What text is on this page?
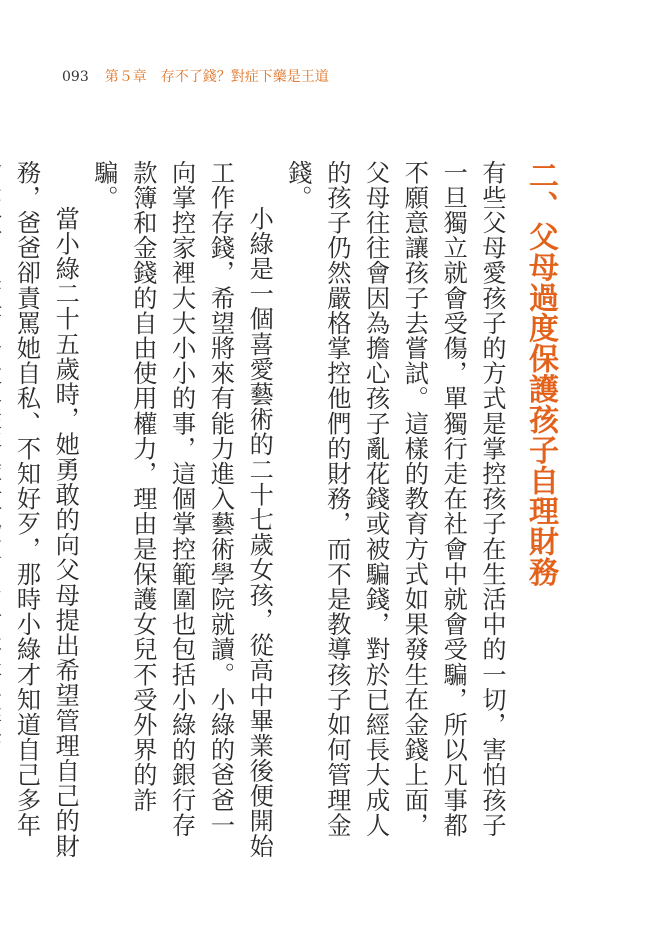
093 第５章　存不了錢？對症下藥是王道
二、父母過度保護孩子自理財務

有些父母愛孩子的方式是掌控孩子在生活中的一切，害怕孩子一旦獨立就會受傷，單獨行走在社會中就會受騙，所以凡事都不願意讓孩子去嘗試。這樣的教育方式如果發生在金錢上面，父母往往會因為擔心孩子亂花錢或被騙錢，對於已經長大成人的孩子仍然嚴格掌控他們的財務，而不是教導孩子如何管理金錢。

小綠是一個喜愛藝術的二十七歲女孩，從高中畢業後便開始工作存錢，希望將來有能力進入藝術學院就讀。小綠的爸爸一向掌控家裡大大小小的事，這個掌控範圍也包括小綠的銀行存款簿和金錢的自由使用權力，理由是保護女兒不受外界的詐騙。

當小綠二十五歲時，她勇敢的向父母提出希望管理自己的財務，爸爸卻責罵她自私、不知好歹，那時小綠才知道自己多年
